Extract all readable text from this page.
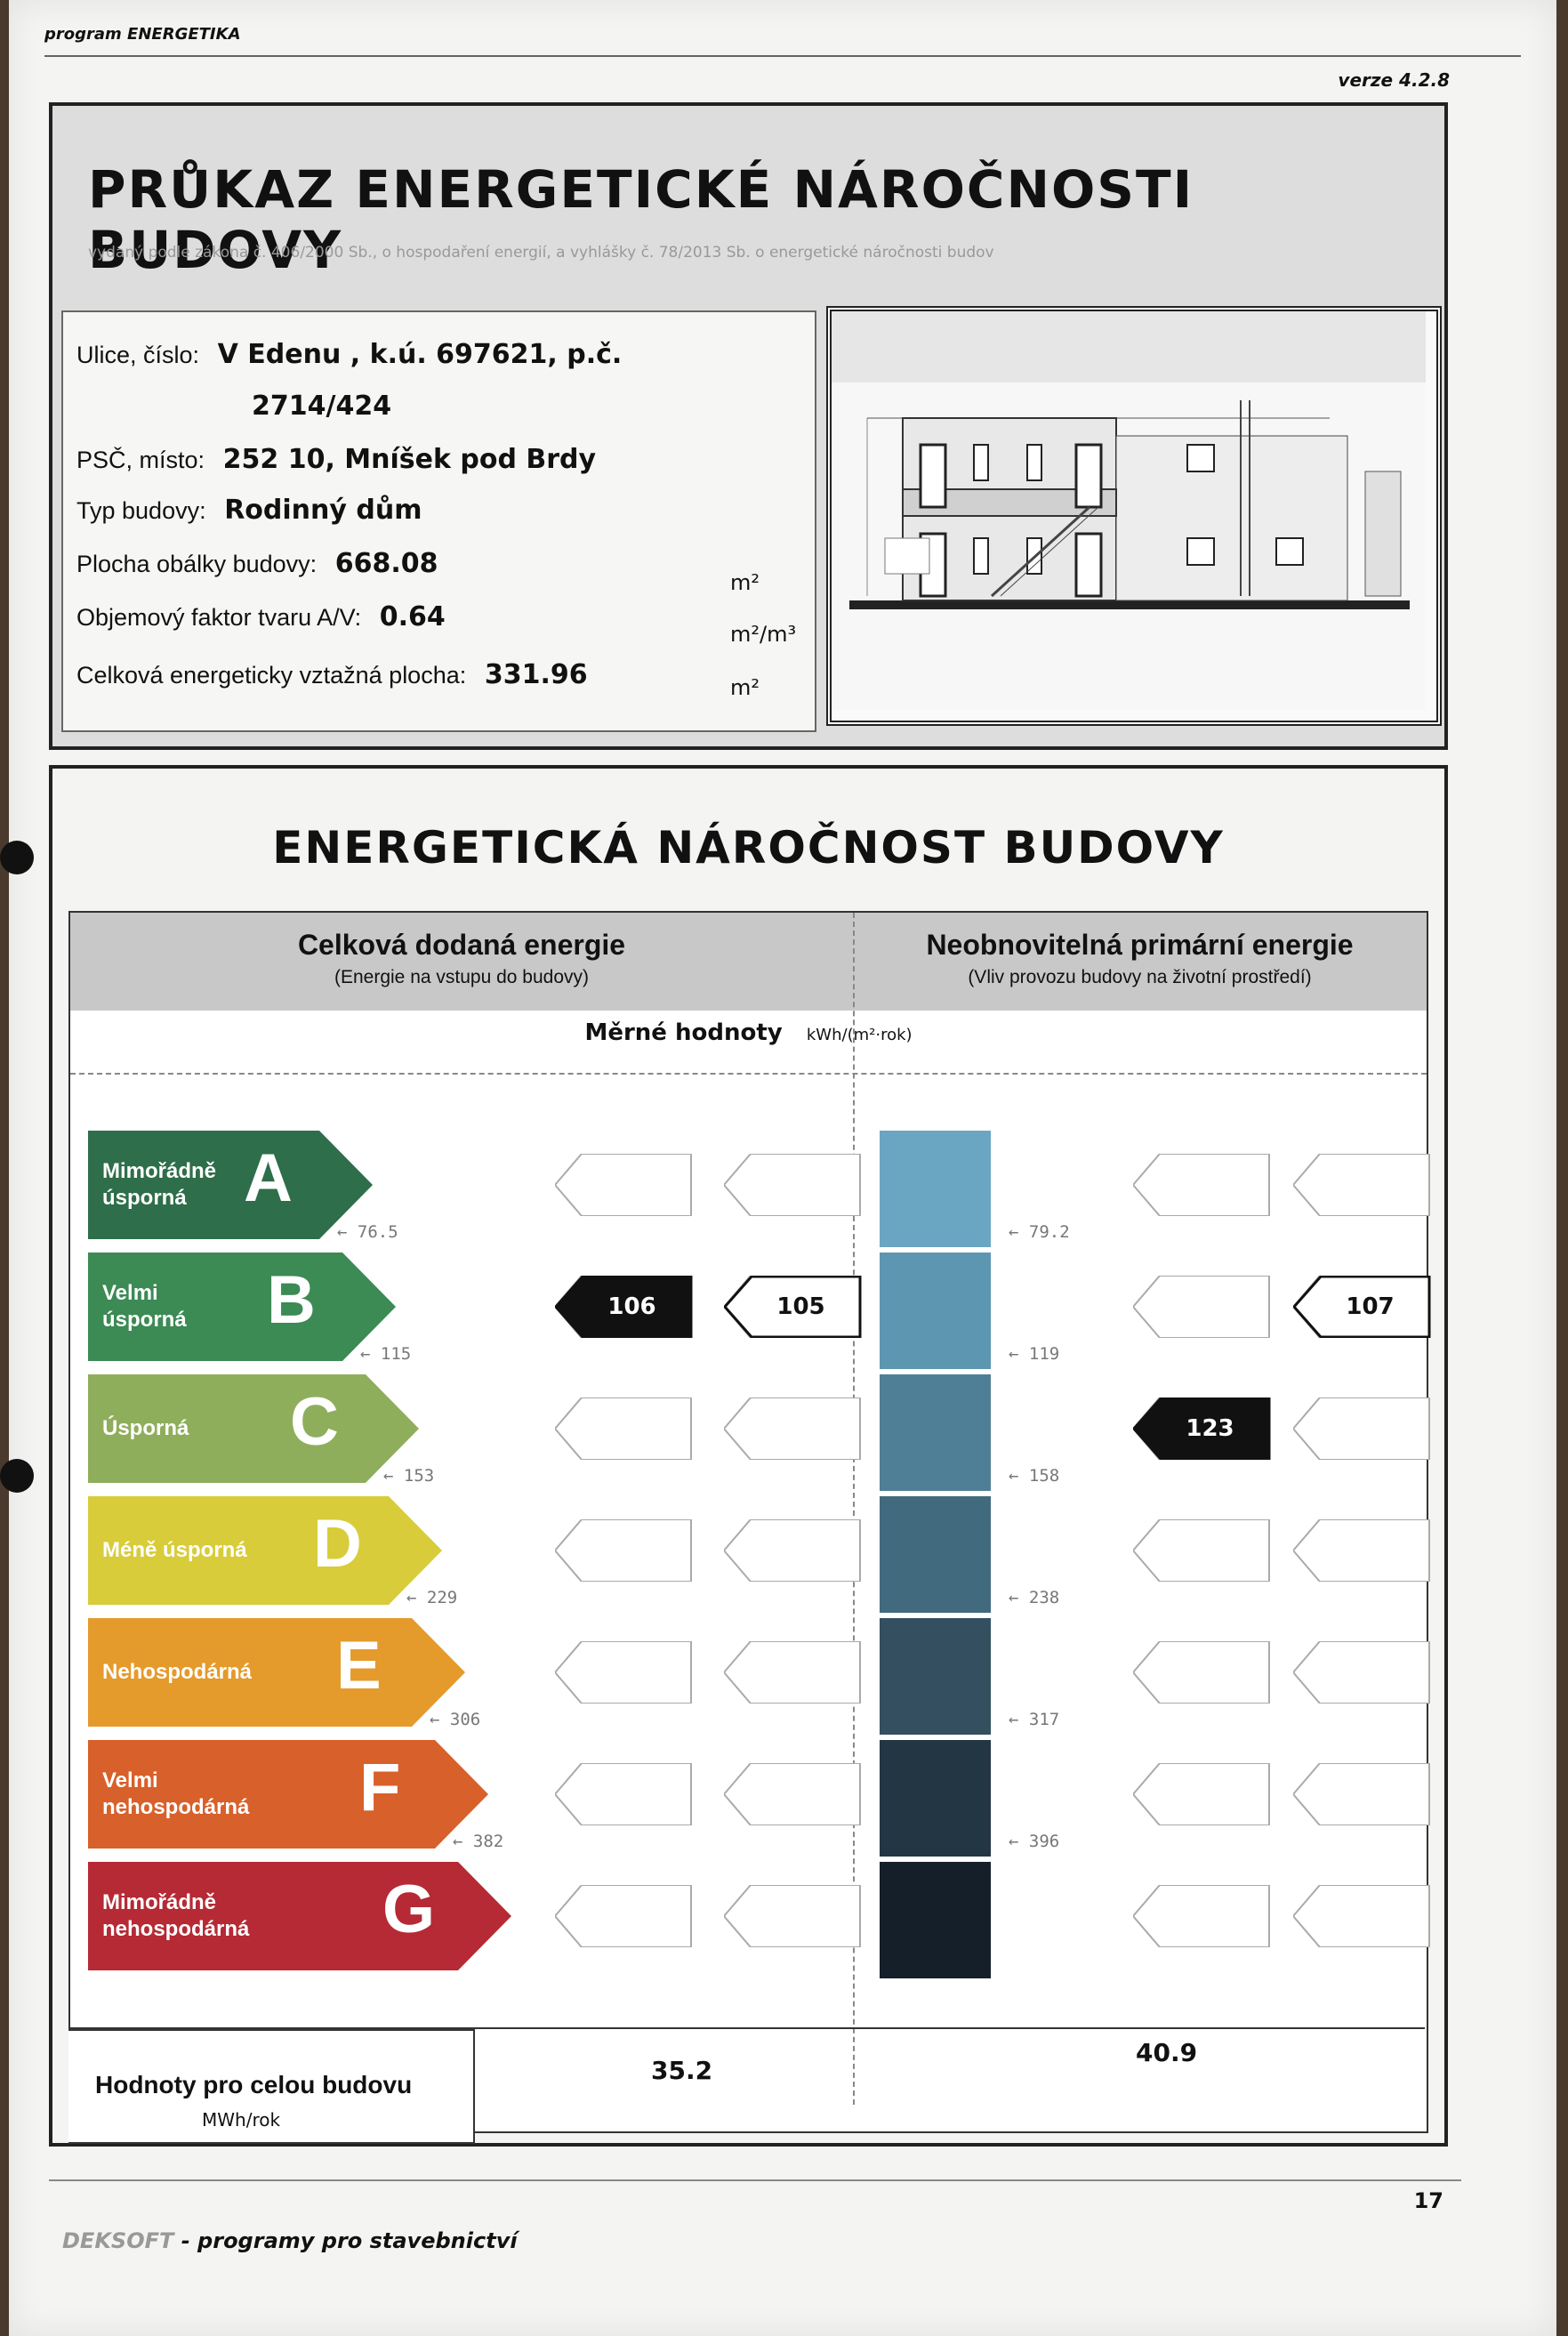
program ENERGETIKA
verze 4.2.8
PRŮKAZ ENERGETICKÉ NÁROČNOSTI BUDOVY
vydaný podle zákona č. 406/2000 Sb., o hospodaření energií, a vyhlášky č. 78/2013 Sb. o energetické náročnosti budov
Ulice, číslo: V Edenu , k.ú. 697621, p.č.
2714/424
PSČ, místo: 252 10, Mníšek pod Brdy
Typ budovy: Rodinný dům
Plocha obálky budovy: 668.08
m²
Objemový faktor tvaru A/V: 0.64
m²/m³
Celková energeticky vztažná plocha: 331.96	m²
ENERGETICKÁ NÁROČNOST BUDOVY
Celková dodaná energie
(Energie na vstupu do budovy)
Neobnovitelná primární energie
(Vliv provozu budovy na životní prostředí)
Měrné hodnoty kWh/(m²·rok)
Mimořádně
úsporná A
Velmi
úsporná B
Úsporná C
Méně úsporná D
Nehospodárná E
Velmi
nehospodárná F
Mimořádně
nehospodárná G
← 76.5
← 115
← 153
← 229
← 306
← 382
← 79.2
← 119
← 158
← 238
← 317
← 396
106	105
123
107
Hodnoty pro celou budovu
MWh/rok
35.2
40.9
17
DEKSOFT - programy pro stavebnictví
